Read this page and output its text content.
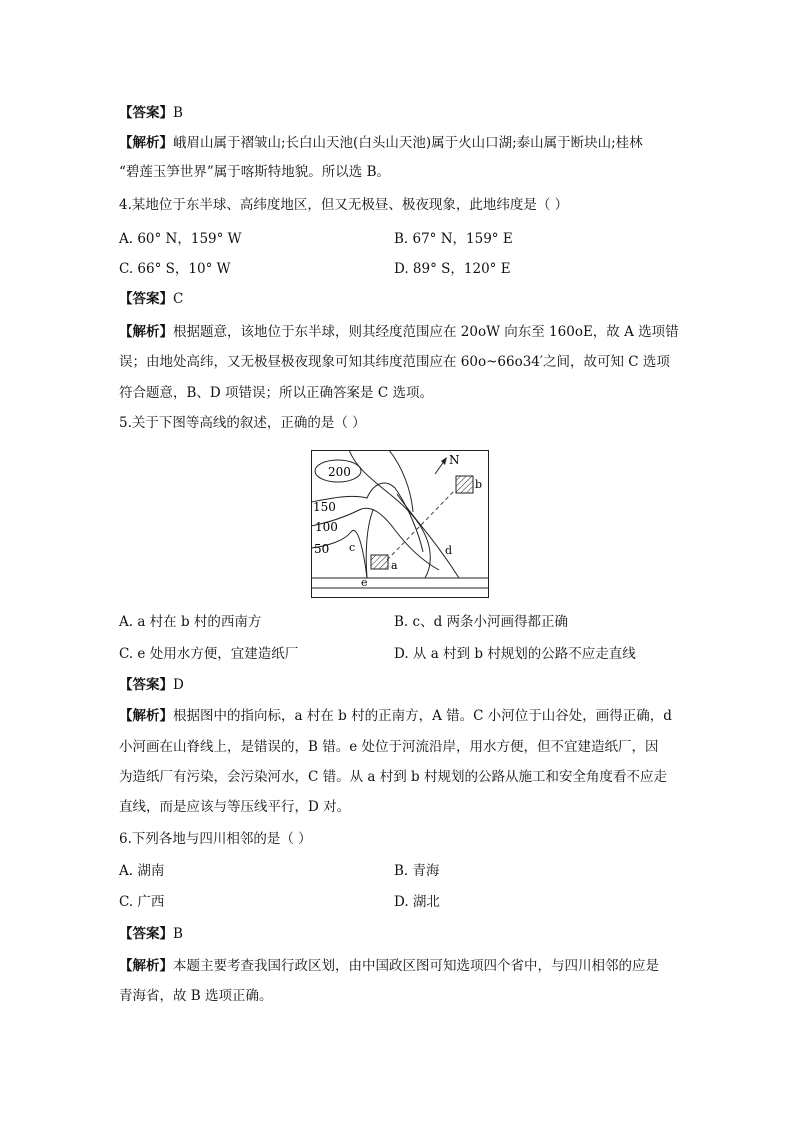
【答案】B
【解析】峨眉山属于褶皱山;长白山天池(白头山天池)属于火山口湖;泰山属于断块山;桂林
“碧莲玉笋世界”属于喀斯特地貌。所以选 B。
4.某地位于东半球、高纬度地区，但又无极昼、极夜现象，此地纬度是（ ）
A. 60° N，159° W	B. 67° N，159° E
C. 66° S，10° W	D. 89° S，120° E
【答案】C
【解析】根据题意，该地位于东半球，则其经度范围应在 20oW 向东至 160oE，故 A 选项错
误；由地处高纬，又无极昼极夜现象可知其纬度范围应在 60o~66o34′之间，故可知 C 选项
符合题意，B、D 项错误；所以正确答案是 C 选项。
5.关于下图等高线的叙述，正确的是（ ）
200
150
100
50
N
b
a
c	d
e
A. a 村在 b 村的西南方	B. c、d 两条小河画得都正确
C. e 处用水方便，宜建造纸厂	D. 从 a 村到 b 村规划的公路不应走直线
【答案】D
【解析】根据图中的指向标，a 村在 b 村的正南方，A 错。C 小河位于山谷处，画得正确，d
小河画在山脊线上，是错误的，B 错。e 处位于河流沿岸，用水方便，但不宜建造纸厂，因
为造纸厂有污染，会污染河水，C 错。从 a 村到 b 村规划的公路从施工和安全角度看不应走
直线，而是应该与等压线平行，D 对。
6.下列各地与四川相邻的是（ ）
A. 湖南	B. 青海
C. 广西	D. 湖北
【答案】B
【解析】本题主要考查我国行政区划，由中国政区图可知选项四个省中，与四川相邻的应是
青海省，故 B 选项正确。
